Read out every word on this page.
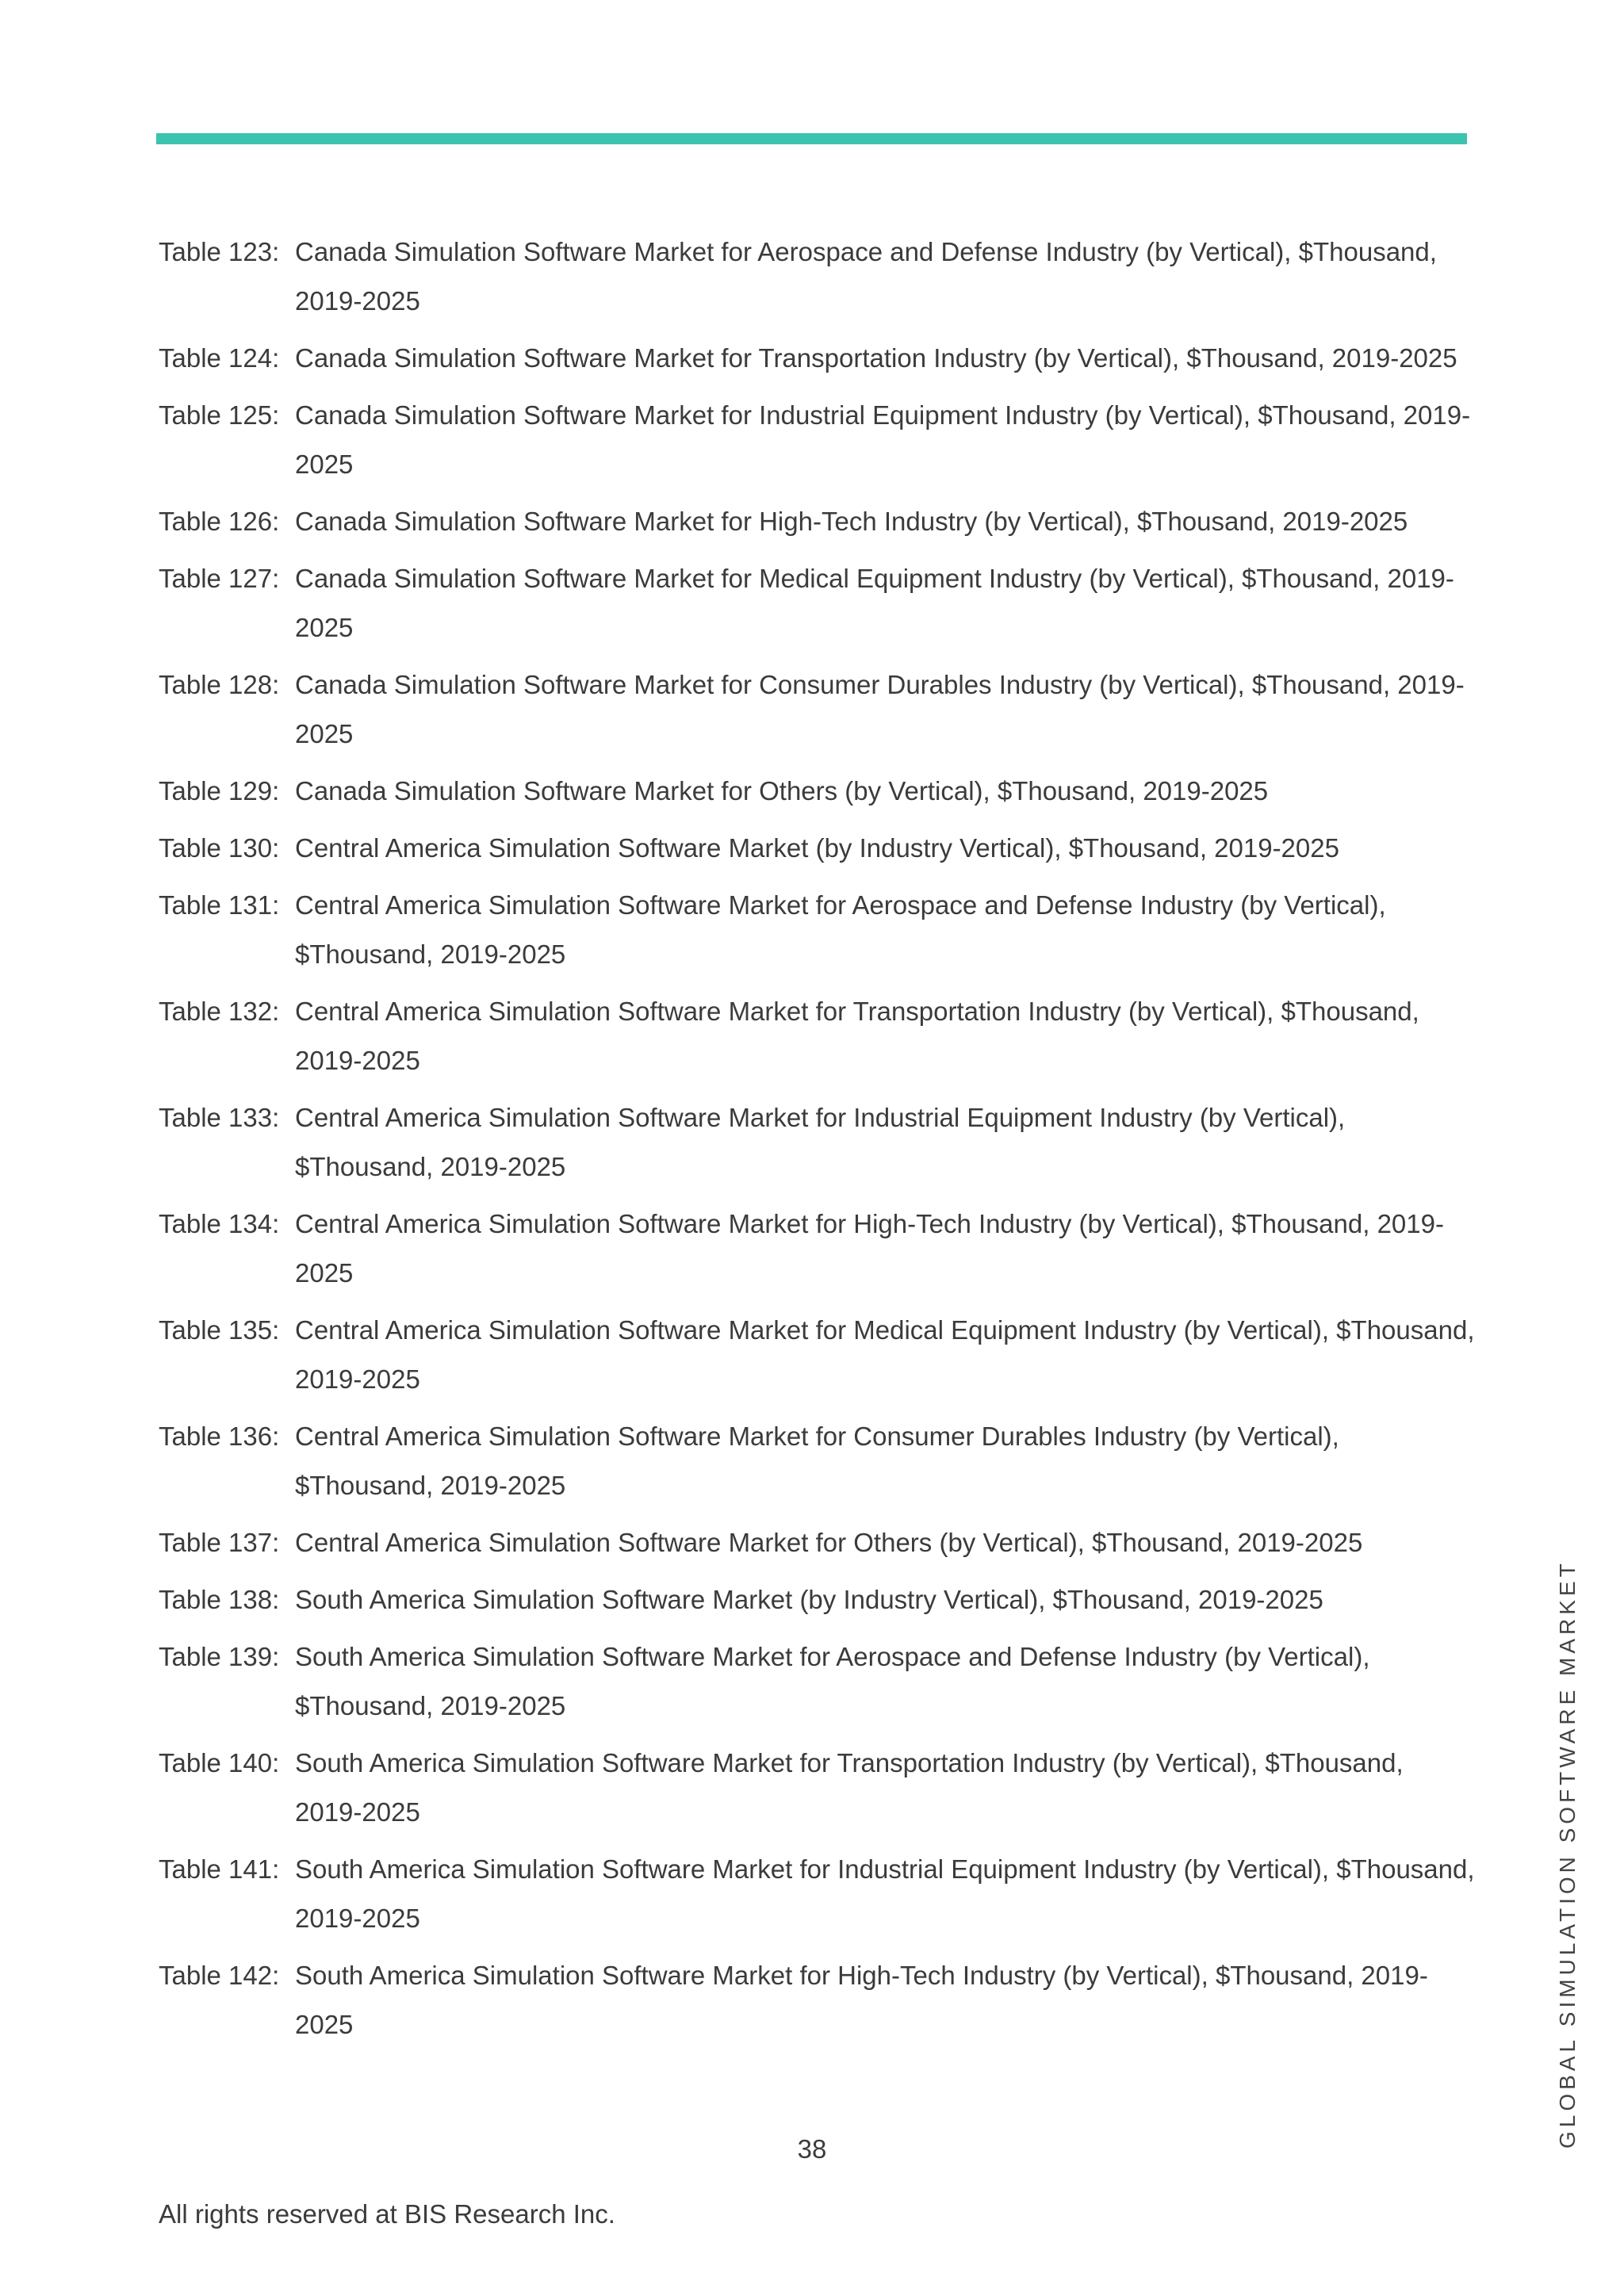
Table 123: Canada Simulation Software Market for Aerospace and Defense Industry (by Vertical), $Thousand, 2019-2025
Table 124: Canada Simulation Software Market for Transportation Industry (by Vertical), $Thousand, 2019-2025
Table 125: Canada Simulation Software Market for Industrial Equipment Industry (by Vertical), $Thousand, 2019-2025
Table 126: Canada Simulation Software Market for High-Tech Industry (by Vertical), $Thousand, 2019-2025
Table 127: Canada Simulation Software Market for Medical Equipment Industry (by Vertical), $Thousand, 2019-2025
Table 128: Canada Simulation Software Market for Consumer Durables Industry (by Vertical), $Thousand, 2019-2025
Table 129: Canada Simulation Software Market for Others (by Vertical), $Thousand, 2019-2025
Table 130: Central America Simulation Software Market (by Industry Vertical), $Thousand, 2019-2025
Table 131: Central America Simulation Software Market for Aerospace and Defense Industry (by Vertical), $Thousand, 2019-2025
Table 132: Central America Simulation Software Market for Transportation Industry (by Vertical), $Thousand, 2019-2025
Table 133: Central America Simulation Software Market for Industrial Equipment Industry (by Vertical), $Thousand, 2019-2025
Table 134: Central America Simulation Software Market for High-Tech Industry (by Vertical), $Thousand, 2019-2025
Table 135: Central America Simulation Software Market for Medical Equipment Industry (by Vertical), $Thousand, 2019-2025
Table 136: Central America Simulation Software Market for Consumer Durables Industry (by Vertical), $Thousand, 2019-2025
Table 137: Central America Simulation Software Market for Others (by Vertical), $Thousand, 2019-2025
Table 138: South America Simulation Software Market (by Industry Vertical), $Thousand, 2019-2025
Table 139: South America Simulation Software Market for Aerospace and Defense Industry (by Vertical), $Thousand, 2019-2025
Table 140: South America Simulation Software Market for Transportation Industry (by Vertical), $Thousand, 2019-2025
Table 141: South America Simulation Software Market for Industrial Equipment Industry (by Vertical), $Thousand, 2019-2025
Table 142: South America Simulation Software Market for High-Tech Industry (by Vertical), $Thousand, 2019-2025
38
All rights reserved at BIS Research Inc.
GLOBAL SIMULATION SOFTWARE MARKET
